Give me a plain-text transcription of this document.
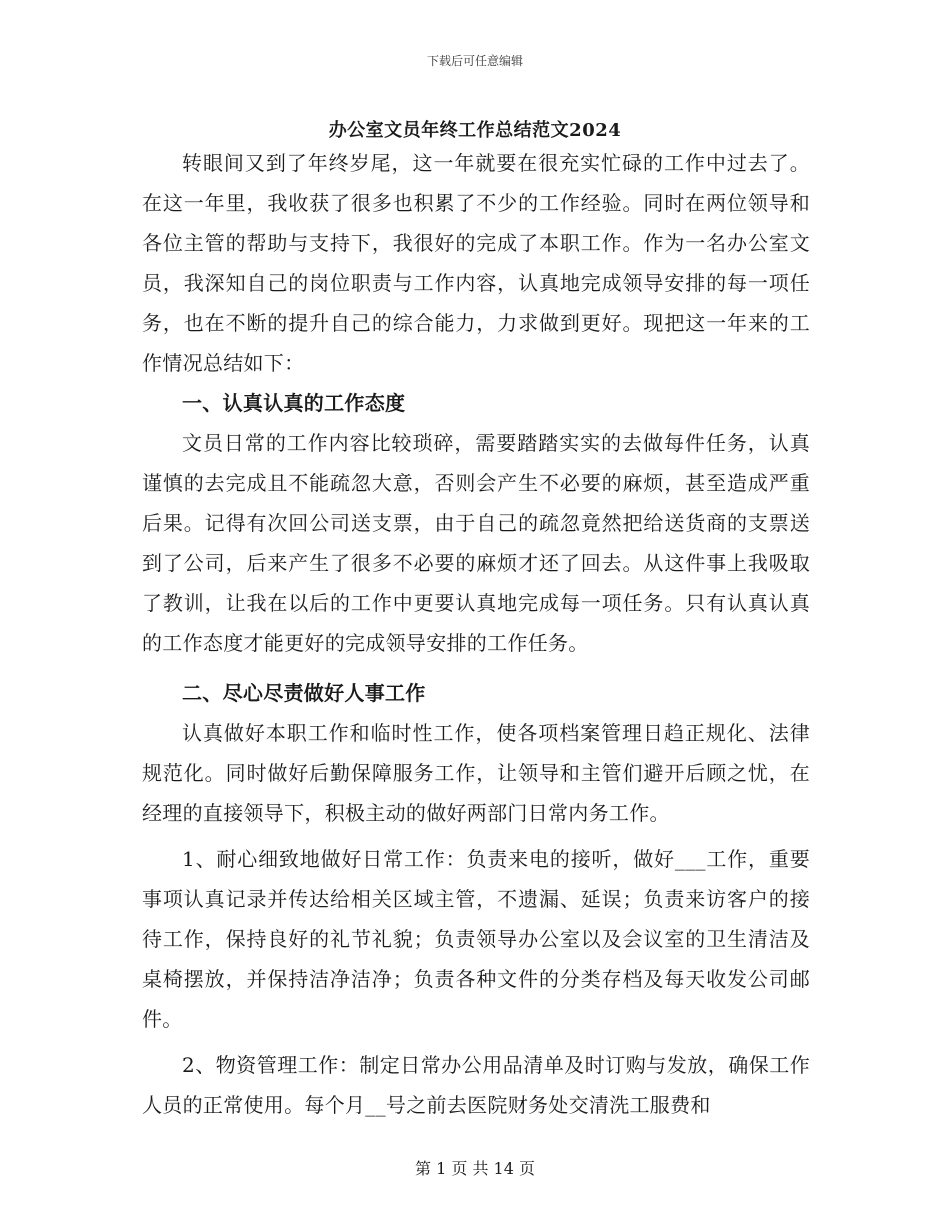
下载后可任意编辑
办公室文员年终工作总结范文2024

转眼间又到了年终岁尾，这一年就要在很充实忙碌的工作中过去了。在这一年里，我收获了很多也积累了不少的工作经验。同时在两位领导和各位主管的帮助与支持下，我很好的完成了本职工作。作为一名办公室文员，我深知自己的岗位职责与工作内容，认真地完成领导安排的每一项任务，也在不断的提升自己的综合能力，力求做到更好。现把这一年来的工作情况总结如下：

一、认真认真的工作态度

文员日常的工作内容比较琐碎，需要踏踏实实的去做每件任务，认真谨慎的去完成且不能疏忽大意，否则会产生不必要的麻烦，甚至造成严重后果。记得有次回公司送支票，由于自己的疏忽竟然把给送货商的支票送到了公司，后来产生了很多不必要的麻烦才还了回去。从这件事上我吸取了教训，让我在以后的工作中更要认真地完成每一项任务。只有认真认真的工作态度才能更好的完成领导安排的工作任务。

二、尽心尽责做好人事工作

认真做好本职工作和临时性工作，使各项档案管理日趋正规化、法律规范化。同时做好后勤保障服务工作，让领导和主管们避开后顾之忧，在经理的直接领导下，积极主动的做好两部门日常内务工作。

1、耐心细致地做好日常工作：负责来电的接听，做好___工作，重要事项认真记录并传达给相关区域主管，不遗漏、延误；负责来访客户的接待工作，保持良好的礼节礼貌；负责领导办公室以及会议室的卫生清洁及桌椅摆放，并保持洁净洁净；负责各种文件的分类存档及每天收发公司邮件。

2、物资管理工作：制定日常办公用品清单及时订购与发放，确保工作人员的正常使用。每个月__号之前去医院财务处交清洗工服费和

第 1 页 共 14 页
